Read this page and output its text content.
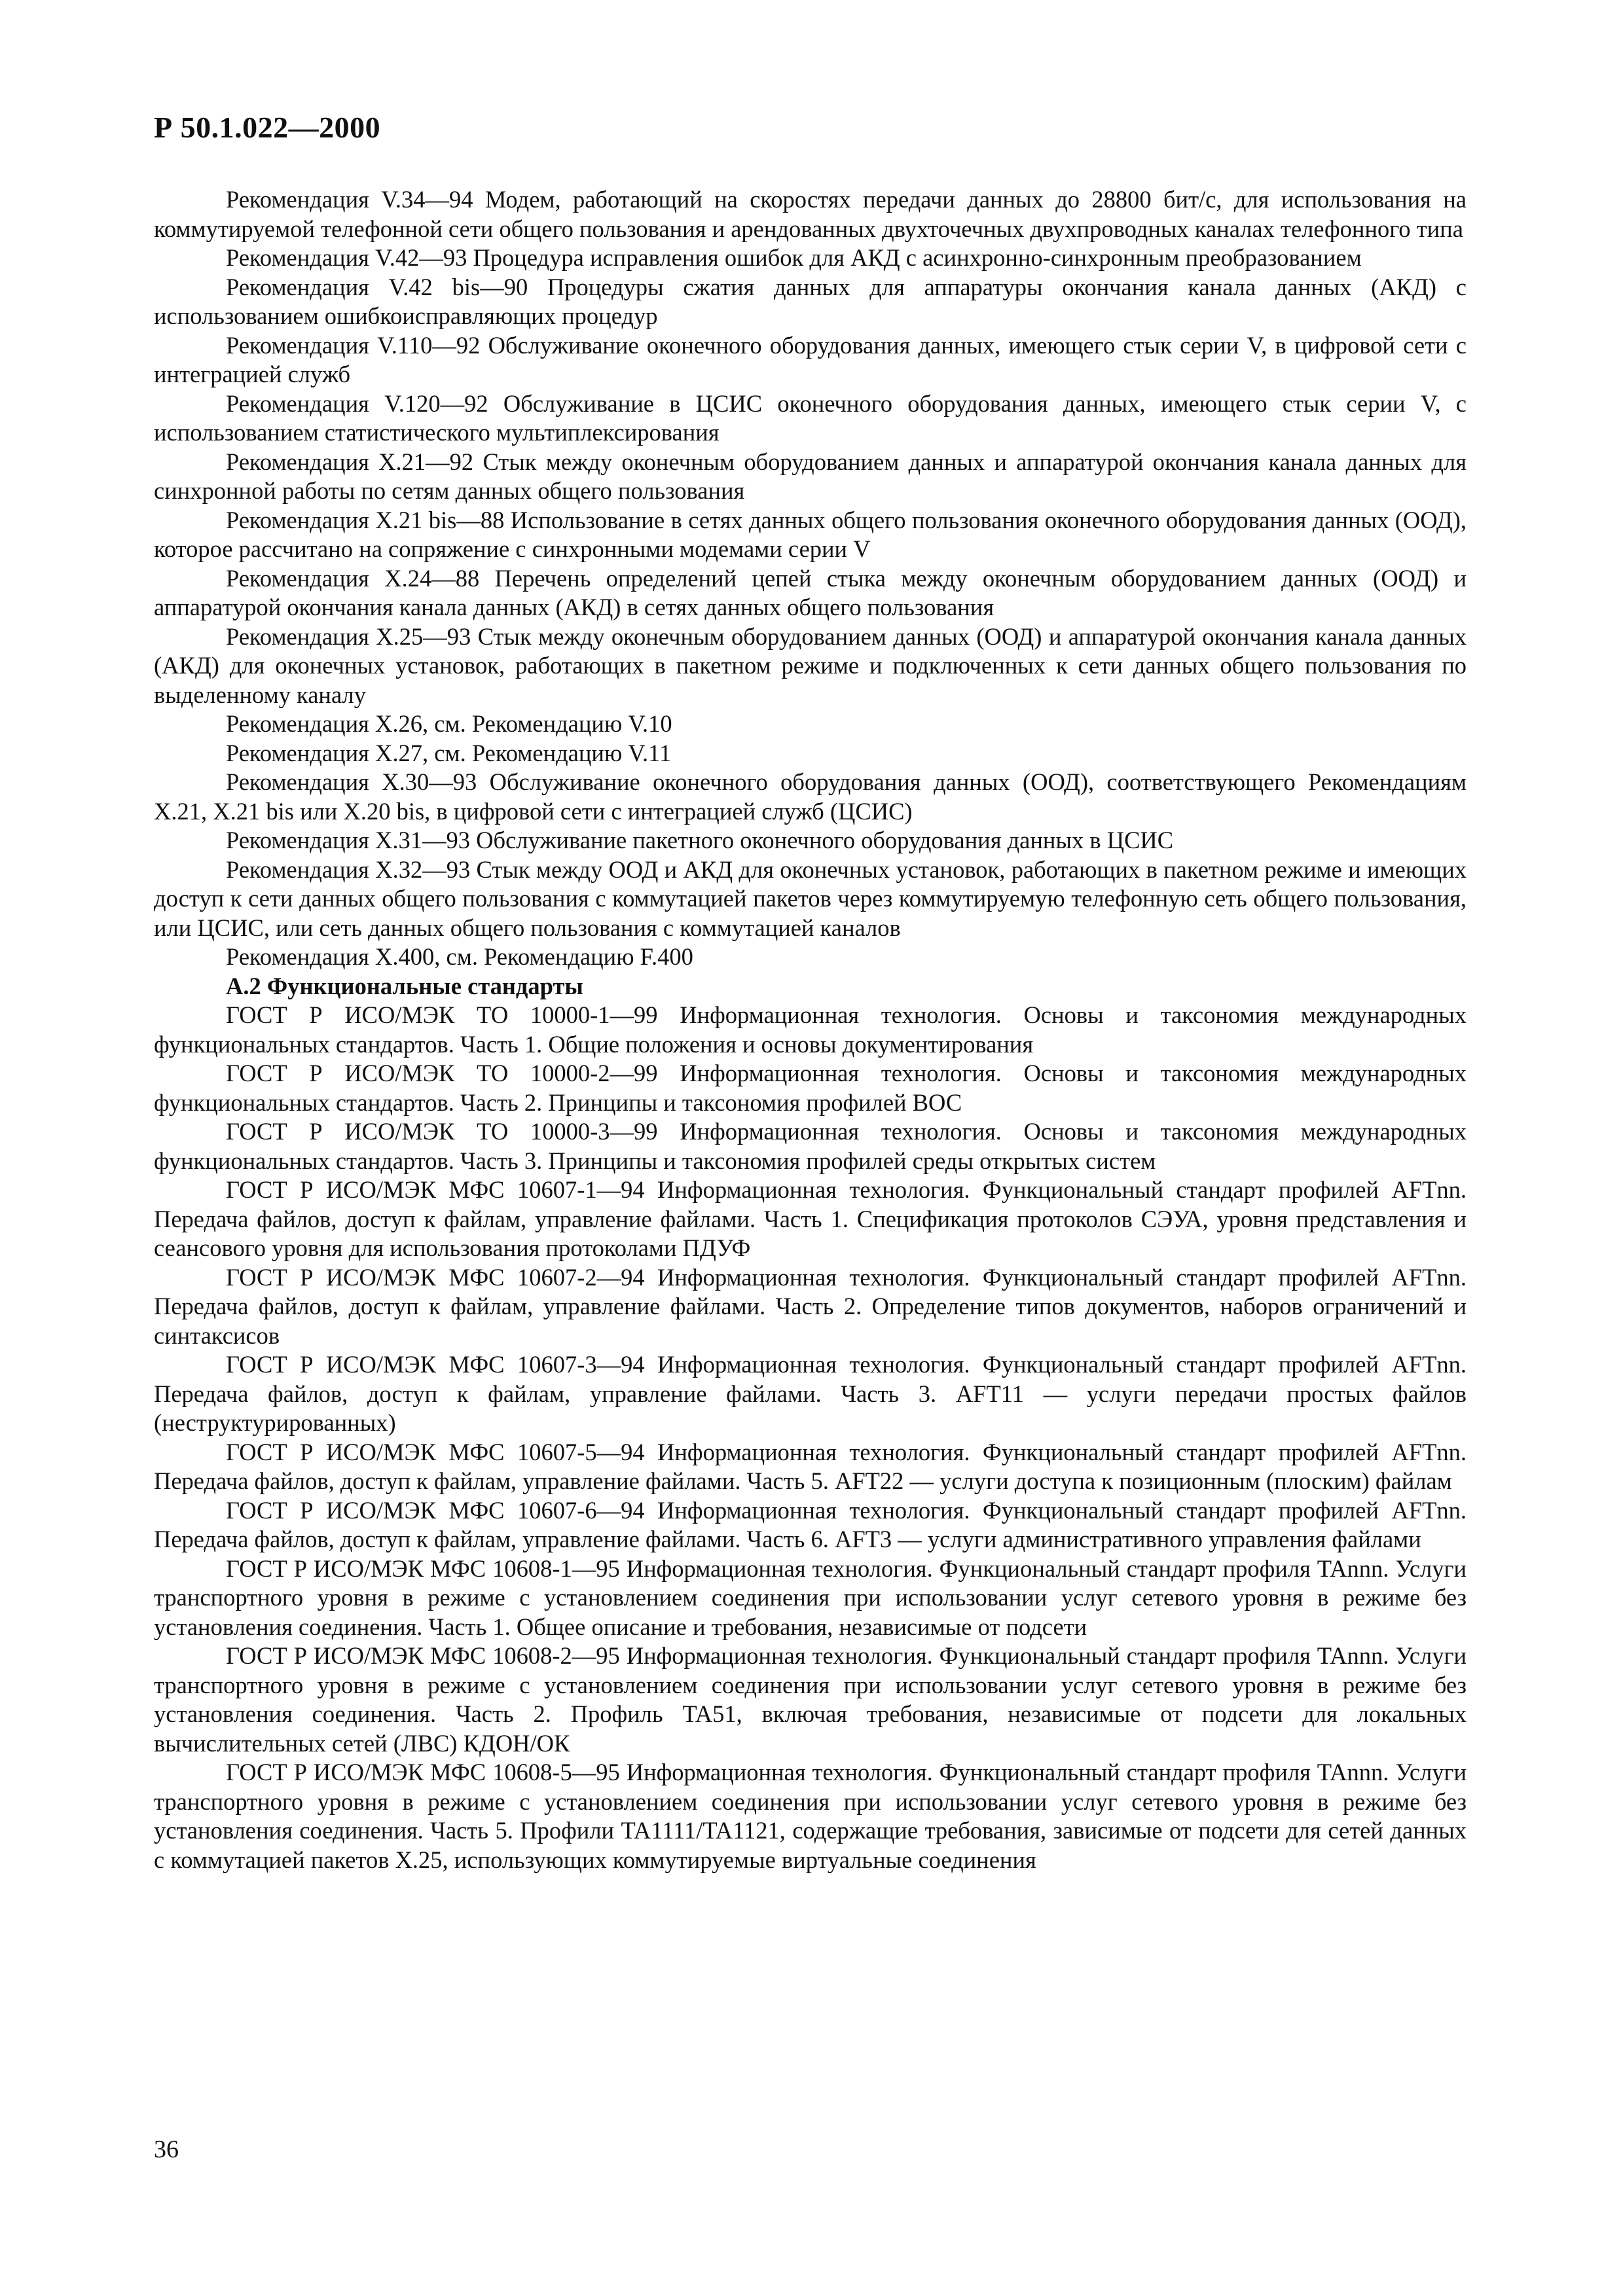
Р 50.1.022—2000

Рекомендация V.34—94 Модем, работающий на скоростях передачи данных до 28800 бит/с, для использования на коммутируемой телефонной сети общего пользования и арендованных двухточечных двухпроводных каналах телефонного типа

Рекомендация V.42—93 Процедура исправления ошибок для АКД с асинхронно-синхронным преобразованием

Рекомендация V.42 bis—90 Процедуры сжатия данных для аппаратуры окончания канала данных (АКД) с использованием ошибкоисправляющих процедур

Рекомендация V.110—92 Обслуживание оконечного оборудования данных, имеющего стык серии V, в цифровой сети с интеграцией служб

Рекомендация V.120—92 Обслуживание в ЦСИС оконечного оборудования данных, имеющего стык серии V, с использованием статистического мультиплексирования

Рекомендация X.21—92 Стык между оконечным оборудованием данных и аппаратурой окончания канала данных для синхронной работы по сетям данных общего пользования

Рекомендация X.21 bis—88 Использование в сетях данных общего пользования оконечного оборудования данных (ООД), которое рассчитано на сопряжение с синхронными модемами серии V

Рекомендация X.24—88 Перечень определений цепей стыка между оконечным оборудованием данных (ООД) и аппаратурой окончания канала данных (АКД) в сетях данных общего пользования

Рекомендация X.25—93 Стык между оконечным оборудованием данных (ООД) и аппаратурой окончания канала данных (АКД) для оконечных установок, работающих в пакетном режиме и подключенных к сети данных общего пользования по выделенному каналу

Рекомендация X.26, см. Рекомендацию V.10

Рекомендация X.27, см. Рекомендацию V.11

Рекомендация X.30—93 Обслуживание оконечного оборудования данных (ООД), соответствующего Рекомендациям X.21, X.21 bis или X.20 bis, в цифровой сети с интеграцией служб (ЦСИС)

Рекомендация X.31—93 Обслуживание пакетного оконечного оборудования данных в ЦСИС

Рекомендация X.32—93 Стык между ООД и АКД для оконечных установок, работающих в пакетном режиме и имеющих доступ к сети данных общего пользования с коммутацией пакетов через коммутируемую телефонную сеть общего пользования, или ЦСИС, или сеть данных общего пользования с коммутацией каналов

Рекомендация X.400, см. Рекомендацию F.400

А.2 Функциональные стандарты

ГОСТ Р ИСО/МЭК ТО 10000-1—99 Информационная технология. Основы и таксономия международных функциональных стандартов. Часть 1. Общие положения и основы документирования

ГОСТ Р ИСО/МЭК ТО 10000-2—99 Информационная технология. Основы и таксономия международных функциональных стандартов. Часть 2. Принципы и таксономия профилей ВОС

ГОСТ Р ИСО/МЭК ТО 10000-3—99 Информационная технология. Основы и таксономия международных функциональных стандартов. Часть 3. Принципы и таксономия профилей среды открытых систем

ГОСТ Р ИСО/МЭК МФС 10607-1—94 Информационная технология. Функциональный стандарт профилей AFTnn. Передача файлов, доступ к файлам, управление файлами. Часть 1. Спецификация протоколов СЭУА, уровня представления и сеансового уровня для использования протоколами ПДУФ

ГОСТ Р ИСО/МЭК МФС 10607-2—94 Информационная технология. Функциональный стандарт профилей AFTnn. Передача файлов, доступ к файлам, управление файлами. Часть 2. Определение типов документов, наборов ограничений и синтаксисов

ГОСТ Р ИСО/МЭК МФС 10607-3—94 Информационная технология. Функциональный стандарт профилей AFTnn. Передача файлов, доступ к файлам, управление файлами. Часть 3. AFT11 — услуги передачи простых файлов (неструктурированных)

ГОСТ Р ИСО/МЭК МФС 10607-5—94 Информационная технология. Функциональный стандарт профилей AFTnn. Передача файлов, доступ к файлам, управление файлами. Часть 5. AFT22 — услуги доступа к позиционным (плоским) файлам

ГОСТ Р ИСО/МЭК МФС 10607-6—94 Информационная технология. Функциональный стандарт профилей AFTnn. Передача файлов, доступ к файлам, управление файлами. Часть 6. AFT3 — услуги административного управления файлами

ГОСТ Р ИСО/МЭК МФС 10608-1—95 Информационная технология. Функциональный стандарт профиля TAnnn. Услуги транспортного уровня в режиме с установлением соединения при использовании услуг сетевого уровня в режиме без установления соединения. Часть 1. Общее описание и требования, независимые от подсети

ГОСТ Р ИСО/МЭК МФС 10608-2—95 Информационная технология. Функциональный стандарт профиля TAnnn. Услуги транспортного уровня в режиме с установлением соединения при использовании услуг сетевого уровня в режиме без установления соединения. Часть 2. Профиль TA51, включая требования, независимые от подсети для локальных вычислительных сетей (ЛВС) КДОН/ОК

ГОСТ Р ИСО/МЭК МФС 10608-5—95 Информационная технология. Функциональный стандарт профиля TAnnn. Услуги транспортного уровня в режиме с установлением соединения при использовании услуг сетевого уровня в режиме без установления соединения. Часть 5. Профили TA1111/TA1121, содержащие требования, зависимые от подсети для сетей данных с коммутацией пакетов X.25, использующих коммутируемые виртуальные соединения

36
